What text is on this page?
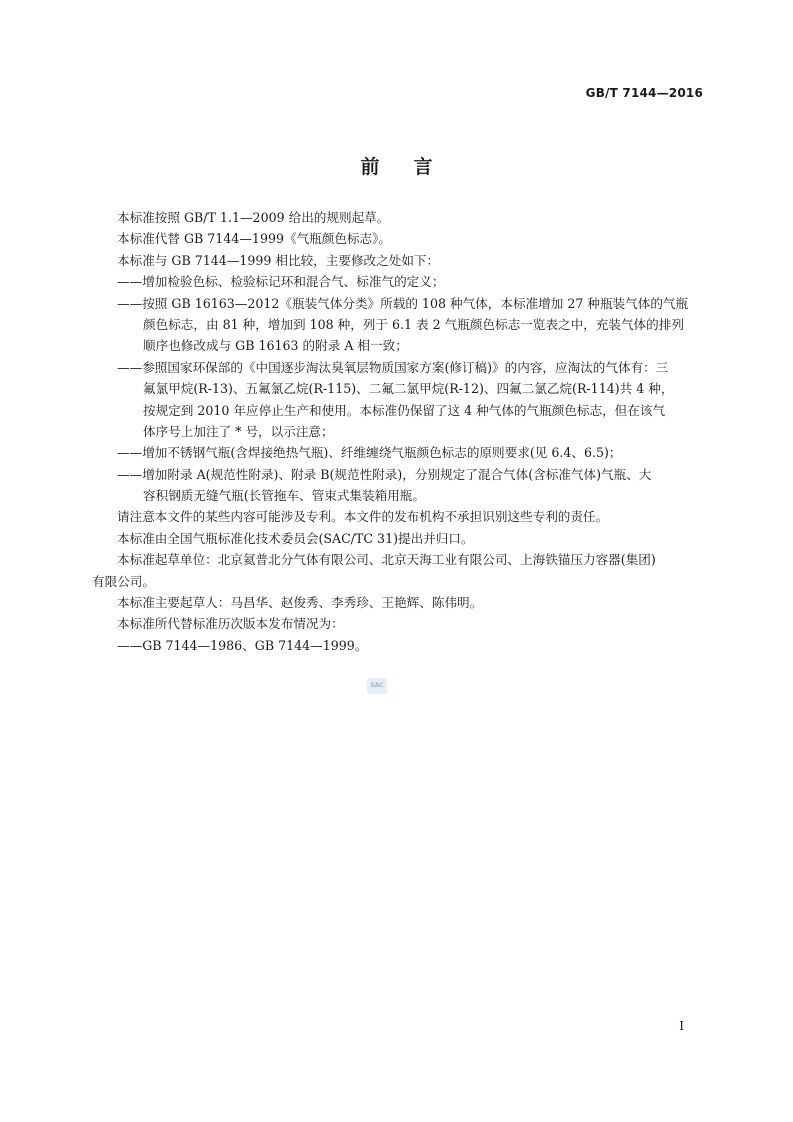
GB/T 7144—2016
前言
本标准按照 GB/T 1.1—2009 给出的规则起草。
本标准代替 GB 7144—1999《气瓶颜色标志》。
本标准与 GB 7144—1999 相比较，主要修改之处如下：
——增加检验色标、检验标记环和混合气、标准气的定义；
——按照 GB 16163—2012《瓶装气体分类》所载的 108 种气体，本标准增加 27 种瓶装气体的气瓶
颜色标志，由 81 种，增加到 108 种，列于 6.1 表 2 气瓶颜色标志一览表之中，充装气体的排列
顺序也修改成与 GB 16163 的附录 A 相一致；
——参照国家环保部的《中国逐步淘汰臭氧层物质国家方案(修订稿)》的内容，应淘汰的气体有：三
氟氯甲烷(R-13)、五氟氯乙烷(R-115)、二氟二氯甲烷(R-12)、四氟二氯乙烷(R-114)共 4 种，
按规定到 2010 年应停止生产和使用。本标准仍保留了这 4 种气体的气瓶颜色标志，但在该气
体序号上加注了 * 号，以示注意；
——增加不锈钢气瓶(含焊接绝热气瓶)、纤维缠绕气瓶颜色标志的原则要求(见 6.4、6.5)；
——增加附录 A(规范性附录)、附录 B(规范性附录)，分别规定了混合气体(含标准气体)气瓶、大
容积钢质无缝气瓶(长管拖车、管束式集装箱用瓶。
请注意本文件的某些内容可能涉及专利。本文件的发布机构不承担识别这些专利的责任。
本标准由全国气瓶标准化技术委员会(SAC/TC 31)提出并归口。
本标准起草单位：北京氦普北分气体有限公司、北京天海工业有限公司、上海铁锚压力容器(集团)
有限公司。
本标准主要起草人：马昌华、赵俊秀、李秀珍、王艳辉、陈伟明。
本标准所代替标准历次版本发布情况为：
——GB 7144—1986、GB 7144—1999。
SAC
I
